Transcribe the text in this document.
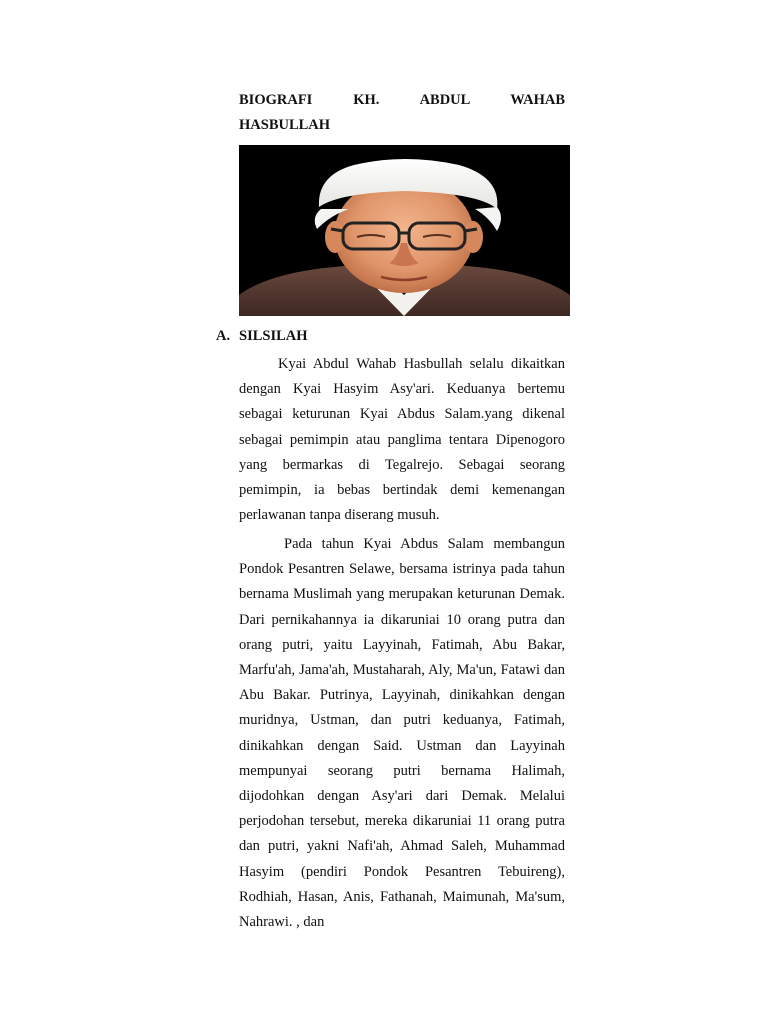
BIOGRAFI KH. ABDUL WAHAB
HASBULLAH
A. SILSILAH
Kyai Abdul Wahab Hasbullah selalu dikaitkan dengan Kyai Hasyim Asy'ari. Keduanya bertemu sebagai keturunan Kyai Abdus Salam.yang dikenal sebagai pemimpin atau panglima tentara Dipenogoro yang bermarkas di Tegalrejo. Sebagai seorang pemimpin, ia bebas bertindak demi kemenangan perlawanan tanpa diserang musuh.
Pada tahun Kyai Abdus Salam membangun Pondok Pesantren Selawe, bersama istrinya pada tahun bernama Muslimah yang merupakan keturunan Demak. Dari pernikahannya ia dikaruniai 10 orang putra dan orang putri, yaitu Layyinah, Fatimah, Abu Bakar, Marfu'ah, Jama'ah, Mustaharah, Aly, Ma'un, Fatawi dan Abu Bakar. Putrinya, Layyinah, dinikahkan dengan muridnya, Ustman, dan putri keduanya, Fatimah, dinikahkan dengan Said. Ustman dan Layyinah mempunyai seorang putri bernama Halimah, dijodohkan dengan Asy'ari dari Demak. Melalui perjodohan tersebut, mereka dikaruniai 11 orang putra dan putri, yakni Nafi'ah, Ahmad Saleh, Muhammad Hasyim (pendiri Pondok Pesantren Tebuireng), Rodhiah, Hasan, Anis, Fathanah, Maimunah, Ma'sum, Nahrawi. , dan
